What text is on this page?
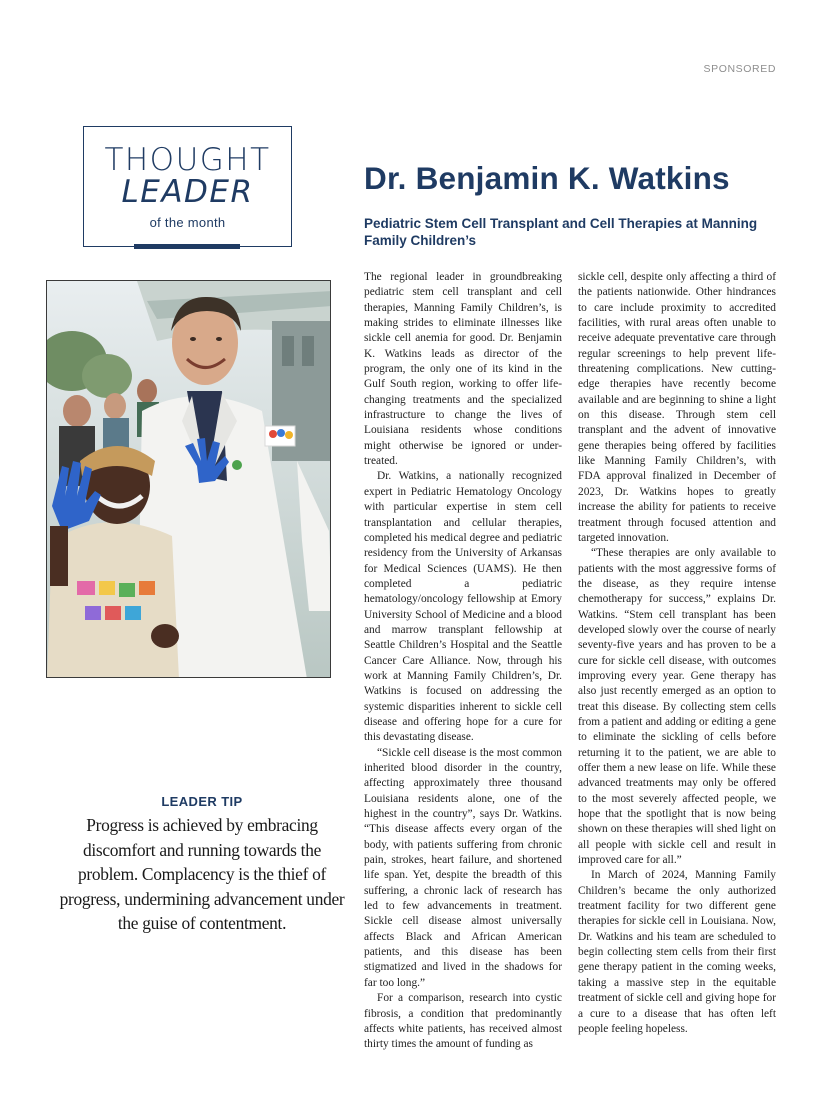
SPONSORED
THOUGHT
LEADER
of the month
Dr. Benjamin K. Watkins
Pediatric Stem Cell Transplant and Cell Therapies at Manning Family Children’s
LEADER TIP
Progress is achieved by embracing discomfort and running towards the problem. Complacency is the thief of progress, undermining advancement under the guise of contentment.

The regional leader in groundbreaking pediatric stem cell transplant and cell therapies, Manning Family Children’s, is making strides to eliminate illnesses like sickle cell anemia for good. Dr. Benjamin K. Watkins leads as director of the program, the only one of its kind in the Gulf South region, working to offer life-changing treatments and the specialized infrastructure to change the lives of Louisiana residents whose conditions might otherwise be ignored or under-treated.

Dr. Watkins, a nationally recognized expert in Pediatric Hematology Oncology with particular expertise in stem cell transplantation and cellular therapies, completed his medical degree and pediatric residency from the University of Arkansas for Medical Sciences (UAMS). He then completed a pediatric hematology/oncology fellowship at Emory University School of Medicine and a blood and marrow transplant fellowship at Seattle Children’s Hospital and the Seattle Cancer Care Alliance. Now, through his work at Manning Family Children’s, Dr. Watkins is focused on addressing the systemic disparities inherent to sickle cell disease and offering hope for a cure for this devastating disease.

“Sickle cell disease is the most common inherited blood disorder in the country, affecting approximately three thousand Louisiana residents alone, one of the highest in the country”, says Dr. Watkins. “This disease affects every organ of the body, with patients suffering from chronic pain, strokes, heart failure, and shortened life span. Yet, despite the breadth of this suffering, a chronic lack of research has led to few advancements in treatment. Sickle cell disease almost universally affects Black and African American patients, and this disease has been stigmatized and lived in the shadows for far too long.”

For a comparison, research into cystic fibrosis, a condition that predominantly affects white patients, has received almost thirty times the amount of funding as

sickle cell, despite only affecting a third of the patients nationwide. Other hindrances to care include proximity to accredited facilities, with rural areas often unable to receive adequate preventative care through regular screenings to help prevent life-threatening complications. New cutting-edge therapies have recently become available and are beginning to shine a light on this disease. Through stem cell transplant and the advent of innovative gene therapies being offered by facilities like Manning Family Children’s, with FDA approval finalized in December of 2023, Dr. Watkins hopes to greatly increase the ability for patients to receive treatment through focused attention and targeted innovation.

“These therapies are only available to patients with the most aggressive forms of the disease, as they require intense chemotherapy for success,” explains Dr. Watkins. “Stem cell transplant has been developed slowly over the course of nearly seventy-five years and has proven to be a cure for sickle cell disease, with outcomes improving every year. Gene therapy has also just recently emerged as an option to treat this disease. By collecting stem cells from a patient and adding or editing a gene to eliminate the sickling of cells before returning it to the patient, we are able to offer them a new lease on life. While these advanced treatments may only be offered to the most severely affected people, we hope that the spotlight that is now being shown on these therapies will shed light on all people with sickle cell and result in improved care for all.”

In March of 2024, Manning Family Children’s became the only authorized treatment facility for two different gene therapies for sickle cell in Louisiana. Now, Dr. Watkins and his team are scheduled to begin collecting stem cells from their first gene therapy patient in the coming weeks, taking a massive step in the equitable treatment of sickle cell and giving hope for a cure to a disease that has often left people feeling hopeless.
